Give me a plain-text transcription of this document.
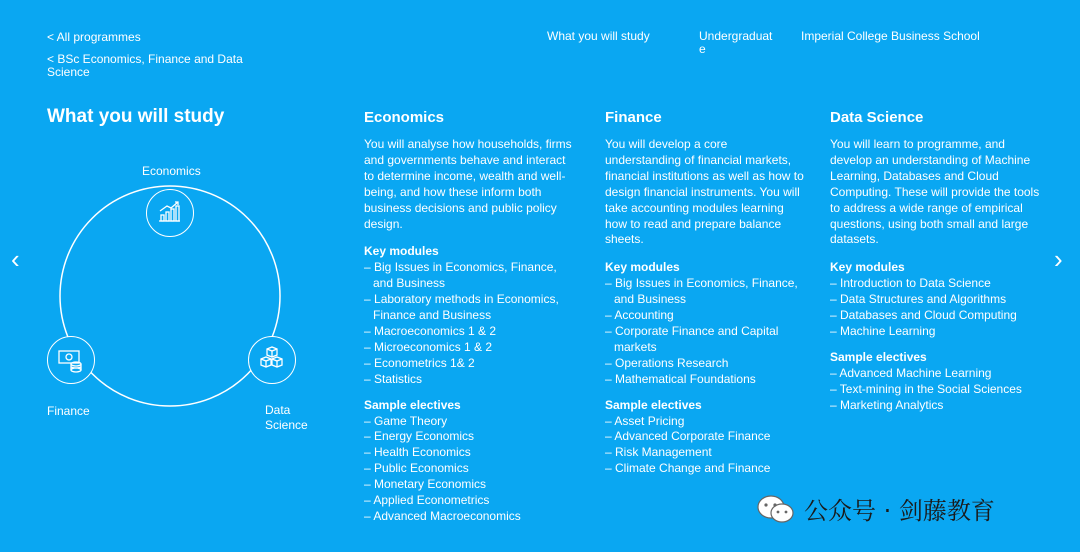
< All programmes
< BSc Economics, Finance and Data Science
What you will study	Undergraduate
Imperial College Business School
What you will study
‹	›
Economics
Finance	Data Science
Economics

You will analyse how households, firms and governments behave and interact to determine income, wealth and well-being, and how these inform both business decisions and public policy design.

Key modules
– Big Issues in Economics, Finance, and Business
– Laboratory methods in Economics, Finance and Business
– Macroeconomics 1 & 2
– Microeconomics 1 & 2
– Econometrics 1& 2
– Statistics
Sample electives
– Game Theory
– Energy Economics
– Health Economics
– Public Economics
– Monetary Economics
– Applied Econometrics
– Advanced Macroeconomics
Finance

You will develop a core understanding of financial markets, financial institutions as well as how to design financial instruments. You will take accounting modules learning how to read and prepare balance sheets.

Key modules
– Big Issues in Economics, Finance, and Business
– Accounting
– Corporate Finance and Capital markets
– Operations Research
– Mathematical Foundations
Sample electives
– Asset Pricing
– Advanced Corporate Finance
– Risk Management
– Climate Change and Finance
Data Science

You will learn to programme, and develop an understanding of Machine Learning, Databases and Cloud Computing. These will provide the tools to address a wide range of empirical questions, using both small and large datasets.

Key modules
– Introduction to Data Science
– Data Structures and Algorithms
– Databases and Cloud Computing
– Machine Learning
Sample electives
– Advanced Machine Learning
– Text-mining in the Social Sciences
– Marketing Analytics
公众号 · 剑藤教育
